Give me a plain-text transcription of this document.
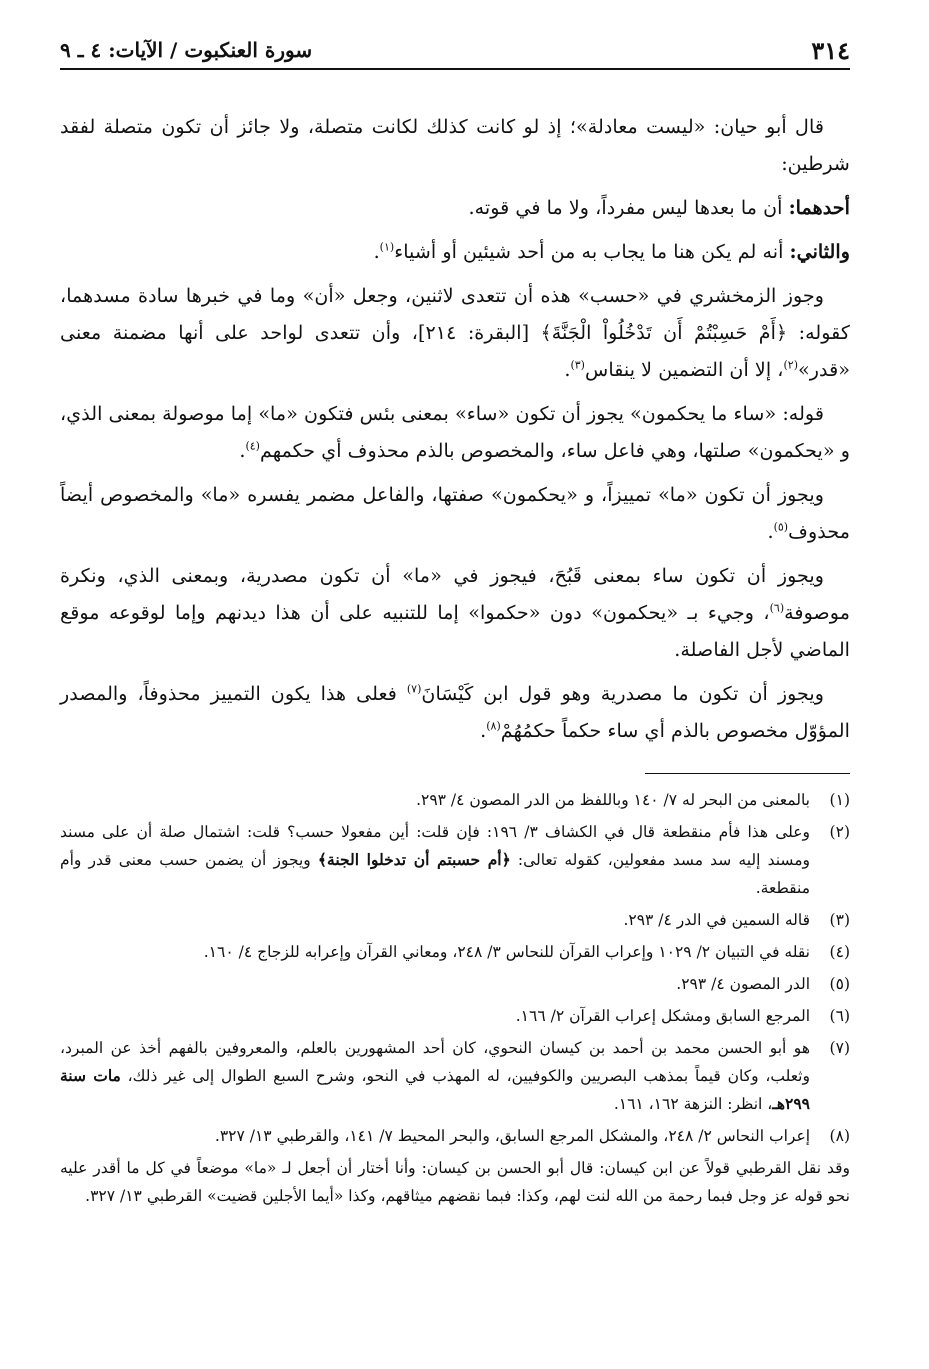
٣١٤
سورة العنكبوت / الآيات: ٤ ـ ٩

قال أبو حيان: «ليست معادلة»؛ إذ لو كانت كذلك لكانت متصلة، ولا جائز أن تكون متصلة لفقد شرطين:

أحدهما: أن ما بعدها ليس مفرداً، ولا ما في قوته.

والثاني: أنه لم يكن هنا ما يجاب به من أحد شيئين أو أشياء$^{(١)}$.

وجوز الزمخشري في «حسب» هذه أن تتعدى لاثنين، وجعل «أن» وما في خبرها سادة مسدهما، كقوله: ﴿أَمْ حَسِبْتُمْ أَن تَدْخُلُواْ الْجَنَّةَ﴾ [البقرة: ٢١٤]، وأن تتعدى لواحد على أنها مضمنة معنى «قدر»$^{(٢)}$، إلا أن التضمين لا ينقاس$^{(٣)}$.

قوله: «ساء ما يحكمون» يجوز أن تكون «ساء» بمعنى بئس فتكون «ما» إما موصولة بمعنى الذي، و «يحكمون» صلتها، وهي فاعل ساء، والمخصوص بالذم محذوف أي حكمهم$^{(٤)}$.

ويجوز أن تكون «ما» تمييزاً، و «يحكمون» صفتها، والفاعل مضمر يفسره «ما» والمخصوص أيضاً محذوف$^{(٥)}$.

ويجوز أن تكون ساء بمعنى قَبُحَ، فيجوز في «ما» أن تكون مصدرية، وبمعنى الذي، ونكرة موصوفة$^{(٦)}$، وجيء بـ «يحكمون» دون «حكموا» إما للتنبيه على أن هذا ديدنهم وإما لوقوعه موقع الماضي لأجل الفاصلة.

ويجوز أن تكون ما مصدرية وهو قول ابن كَيْسَانَ$^{(٧)}$ فعلى هذا يكون التمييز محذوفاً، والمصدر المؤوّل مخصوص بالذم أي ساء حكماً حكمُهُمْ$^{(٨)}$.

(١)
بالمعنى من البحر له ٧/ ١٤٠ وباللفظ من الدر المصون ٤/ ٢٩٣.
(٢)
وعلى هذا فأم منقطعة قال في الكشاف ٣/ ١٩٦: فإن قلت: أين مفعولا حسب؟ قلت: اشتمال صلة أن على مسند ومسند إليه سد مسد مفعولين، كقوله تعالى: ﴿أم حسبتم أن تدخلوا الجنة﴾ ويجوز أن يضمن حسب معنى قدر وأم منقطعة.
(٣)
قاله السمين في الدر ٤/ ٢٩٣.
(٤)
نقله في التبيان ٢/ ١٠٢٩ وإعراب القرآن للنحاس ٣/ ٢٤٨، ومعاني القرآن وإعرابه للزجاج ٤/ ١٦٠.
(٥)
الدر المصون ٤/ ٢٩٣.
(٦)
المرجع السابق ومشكل إعراب القرآن ٢/ ١٦٦.
(٧)
هو أبو الحسن محمد بن أحمد بن كيسان النحوي، كان أحد المشهورين بالعلم، والمعروفين بالفهم أخذ عن المبرد، وثعلب، وكان قيماً بمذهب البصريين والكوفيين، له المهذب في النحو، وشرح السبع الطوال إلى غير ذلك، مات سنة ٢٩٩هـ، انظر: النزهة ١٦٢، ١٦١.
(٨)
إعراب النحاس ٢/ ٢٤٨، والمشكل المرجع السابق، والبحر المحيط ٧/ ١٤١، والقرطبي ١٣/ ٣٢٧.
وقد نقل القرطبي قولاً عن ابن كيسان: قال أبو الحسن بن كيسان: وأنا أختار أن أجعل لـ «ما» موضعاً في كل ما أقدر عليه نحو قوله عز وجل فبما رحمة من الله لنت لهم، وكذا: فبما نقضهم ميثاقهم، وكذا «أيما الأجلين قضيت» القرطبي ١٣/ ٣٢٧.
